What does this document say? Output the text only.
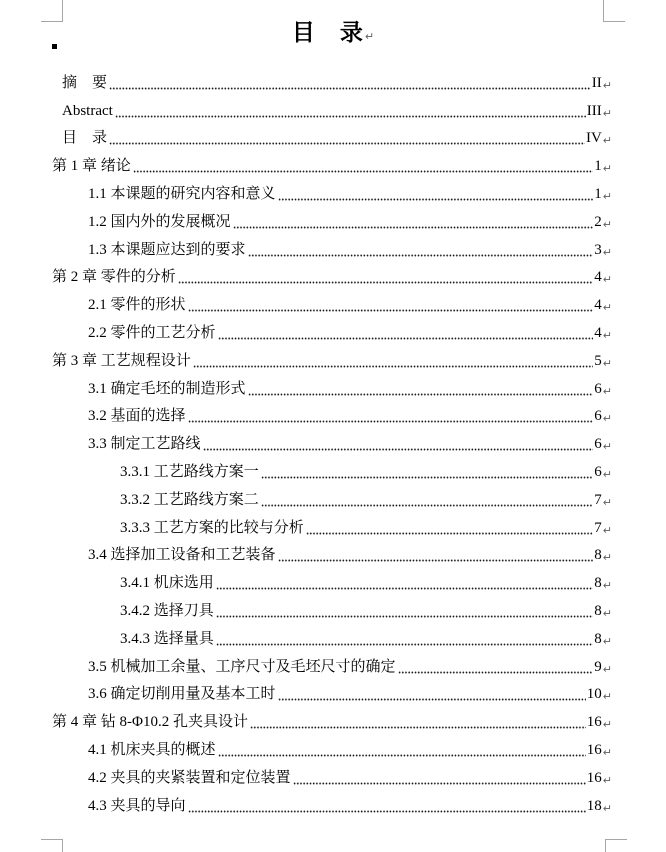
目　录↵
摘　要	II ↵
Abstract	III ↵
目　录	IV ↵
第 1 章 绪论	1 ↵
1.1 本课题的研究内容和意义	1 ↵
1.2 国内外的发展概况	2 ↵
1.3 本课题应达到的要求	3 ↵
第 2 章 零件的分析	4 ↵
2.1 零件的形状	4 ↵
2.2 零件的工艺分析	4 ↵
第 3 章 工艺规程设计	5 ↵
3.1 确定毛坯的制造形式	6 ↵
3.2 基面的选择	6 ↵
3.3 制定工艺路线	6 ↵
3.3.1 工艺路线方案一	6 ↵
3.3.2 工艺路线方案二	7 ↵
3.3.3 工艺方案的比较与分析	7 ↵
3.4 选择加工设备和工艺装备	8 ↵
3.4.1 机床选用	8 ↵
3.4.2 选择刀具	8 ↵
3.4.3 选择量具	8 ↵
3.5 机械加工余量、工序尺寸及毛坯尺寸的确定	9 ↵
3.6 确定切削用量及基本工时	10 ↵
第 4 章 钻 8-Φ10.2 孔夹具设计	16 ↵
4.1 机床夹具的概述	16 ↵
4.2 夹具的夹紧装置和定位装置	16 ↵
4.3 夹具的导向	18 ↵
